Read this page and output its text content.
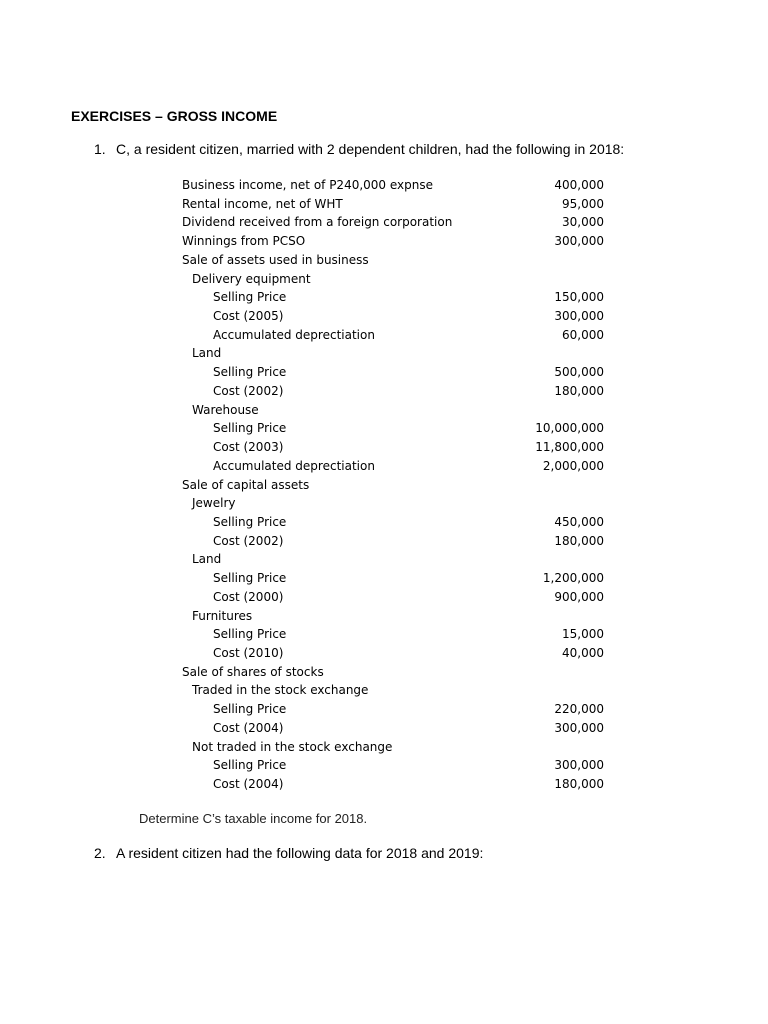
EXERCISES – GROSS INCOME

1. C, a resident citizen, married with 2 dependent children, had the following in 2018:

Business income, net of P240,000 expnse	400,000
Rental income, net of WHT	95,000
Dividend received from a foreign corporation	30,000
Winnings from PCSO	300,000
Sale of assets used in business
Delivery equipment
Selling Price	150,000
Cost (2005)	300,000
Accumulated deprectiation	60,000
Land
Selling Price	500,000
Cost (2002)	180,000
Warehouse
Selling Price	10,000,000
Cost (2003)	11,800,000
Accumulated deprectiation	2,000,000
Sale of capital assets
Jewelry
Selling Price	450,000
Cost (2002)	180,000
Land
Selling Price	1,200,000
Cost (2000)	900,000
Furnitures
Selling Price	15,000
Cost (2010)	40,000
Sale of shares of stocks
Traded in the stock exchange
Selling Price	220,000
Cost (2004)	300,000
Not traded in the stock exchange
Selling Price	300,000
Cost (2004)	180,000

Determine C’s taxable income for 2018.

2. A resident citizen had the following data for 2018 and 2019:
